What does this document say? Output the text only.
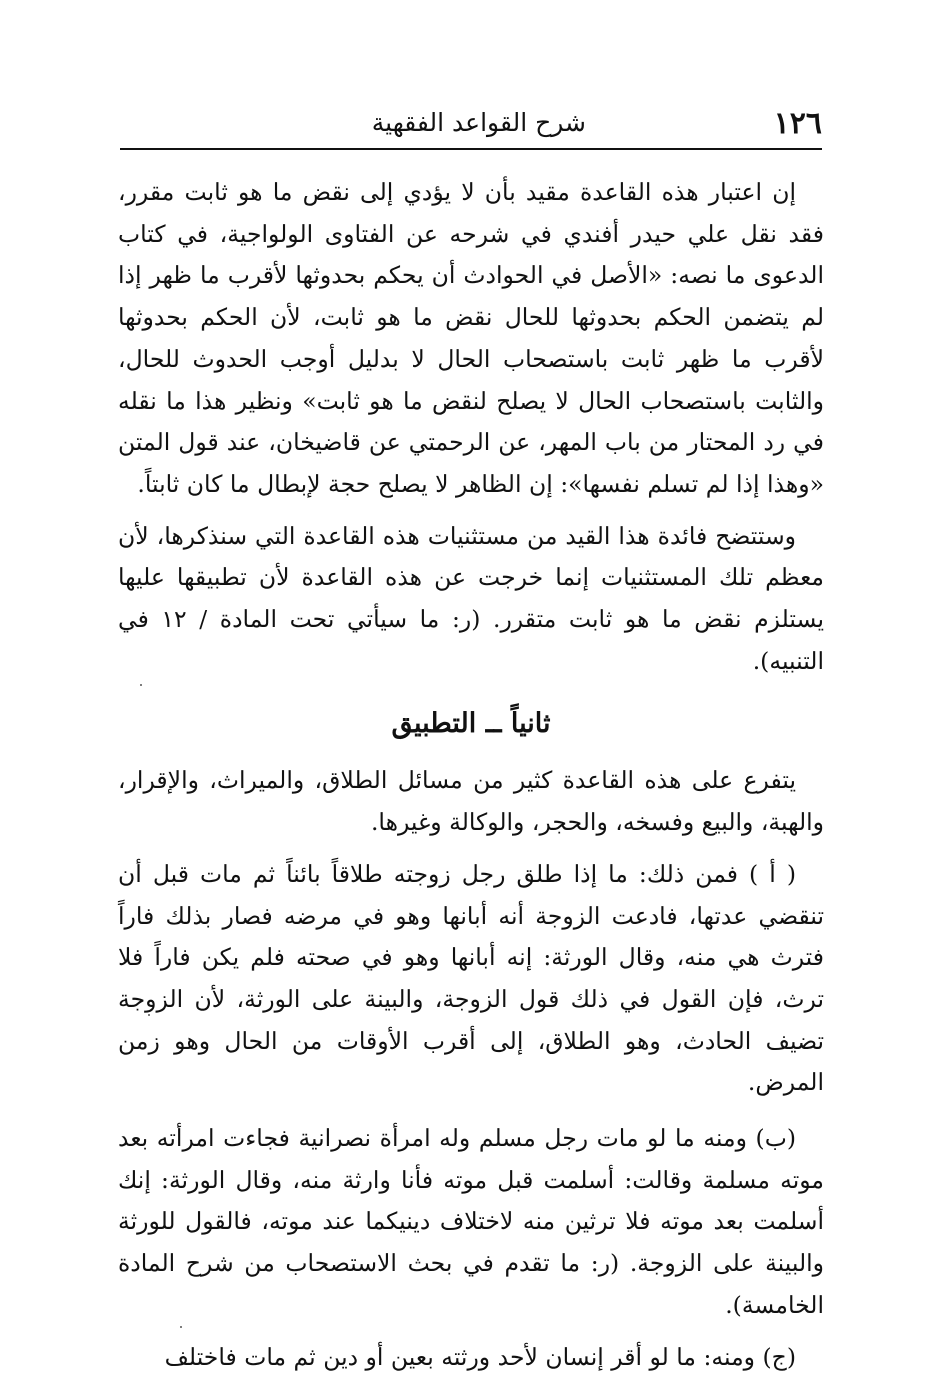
١٢٦
شرح القواعد الفقهية

إن اعتبار هذه القاعدة مقيد بأن لا يؤدي إلى نقض ما هو ثابت مقرر، فقد نقل علي حيدر أفندي في شرحه عن الفتاوى الولواجية، في كتاب الدعوى ما نصه: «الأصل في الحوادث أن يحكم بحدوثها لأقرب ما ظهر إذا لم يتضمن الحكم بحدوثها للحال نقض ما هو ثابت، لأن الحكم بحدوثها لأقرب ما ظهر ثابت باستصحاب الحال لا بدليل أوجب الحدوث للحال، والثابت باستصحاب الحال لا يصلح لنقض ما هو ثابت» ونظير هذا ما نقله في رد المحتار من باب المهر، عن الرحمتي عن قاضيخان، عند قول المتن «وهذا إذا لم تسلم نفسها»: إن الظاهر لا يصلح حجة لإبطال ما كان ثابتاً.

وستتضح فائدة هذا القيد من مستثنيات هذه القاعدة التي سنذكرها، لأن معظم تلك المستثنيات إنما خرجت عن هذه القاعدة لأن تطبيقها عليها يستلزم نقض ما هو ثابت متقرر. (ر: ما سيأتي تحت المادة / ١٢ في التنبيه).

ثانياً ــ التطبيق

يتفرع على هذه القاعدة كثير من مسائل الطلاق، والميراث، والإقرار، والهبة، والبيع وفسخه، والحجر، والوكالة وغيرها.

( أ ) فمن ذلك: ما إذا طلق رجل زوجته طلاقاً بائناً ثم مات قبل أن تنقضي عدتها، فادعت الزوجة أنه أبانها وهو في مرضه فصار بذلك فاراً فترث هي منه، وقال الورثة: إنه أبانها وهو في صحته فلم يكن فاراً فلا ترث، فإن القول في ذلك قول الزوجة، والبينة على الورثة، لأن الزوجة تضيف الحادث، وهو الطلاق، إلى أقرب الأوقات من الحال وهو زمن المرض.

(ب) ومنه ما لو مات رجل مسلم وله امرأة نصرانية فجاءت امرأته بعد موته مسلمة وقالت: أسلمت قبل موته فأنا وارثة منه، وقال الورثة: إنك أسلمت بعد موته فلا ترثين منه لاختلاف دينيكما عند موته، فالقول للورثة والبينة على الزوجة. (ر: ما تقدم في بحث الاستصحاب من شرح المادة الخامسة).

(ج) ومنه: ما لو أقر إنسان لأحد ورثته بعين أو دين ثم مات فاختلف
